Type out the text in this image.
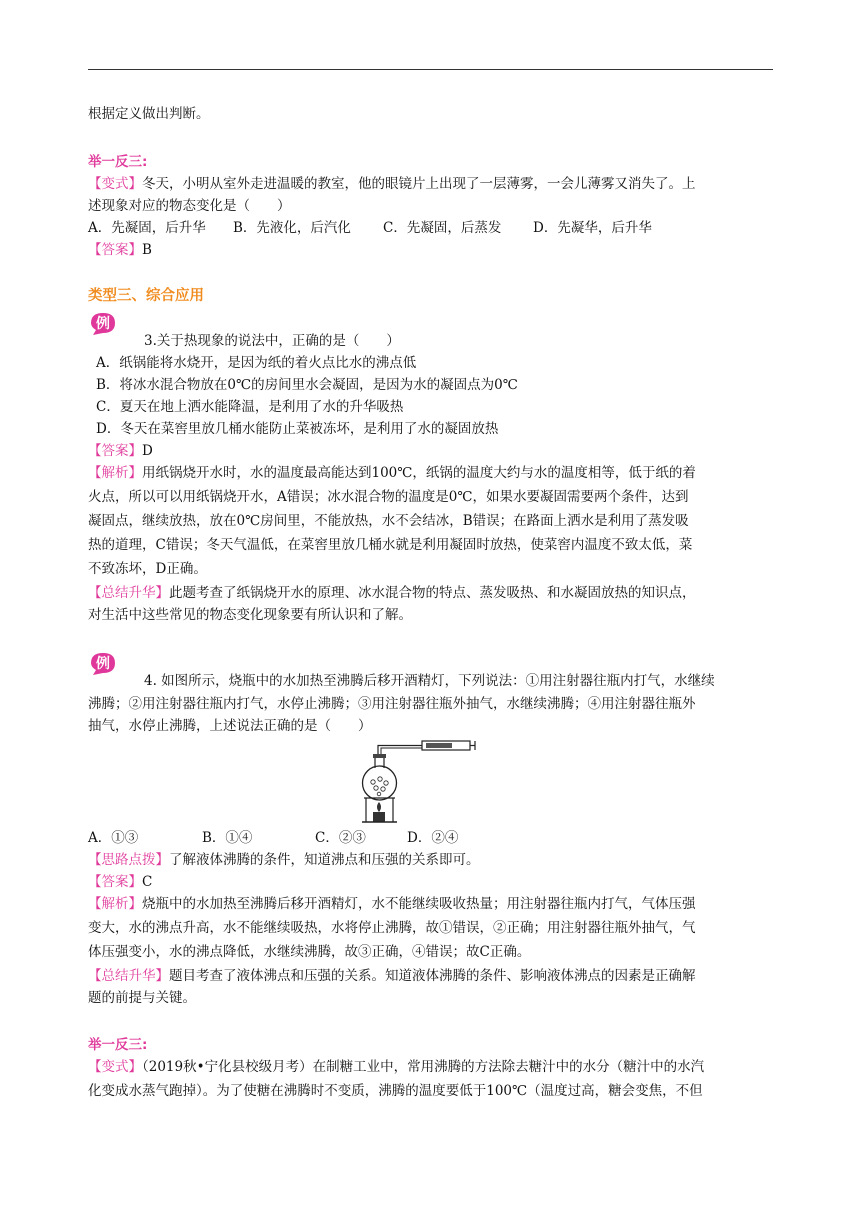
根据定义做出判断。
举一反三:
【变式】冬天，小明从室外走进温暖的教室，他的眼镜片上出现了一层薄雾，一会儿薄雾又消失了。上
述现象对应的物态变化是（　　）
A．先凝固，后升华 B．先液化，后汽化 C．先凝固，后蒸发 D．先凝华，后升华
【答案】B
类型三、综合应用
例
3.关于热现象的说法中，正确的是（　　）
A．纸锅能将水烧开，是因为纸的着火点比水的沸点低
B．将冰水混合物放在0℃的房间里水会凝固，是因为水的凝固点为0℃
C．夏天在地上洒水能降温，是利用了水的升华吸热
D．冬天在菜窖里放几桶水能防止菜被冻坏，是利用了水的凝固放热
【答案】D
【解析】用纸锅烧开水时，水的温度最高能达到100℃，纸锅的温度大约与水的温度相等，低于纸的着
火点，所以可以用纸锅烧开水，A错误；冰水混合物的温度是0℃，如果水要凝固需要两个条件，达到
凝固点，继续放热，放在0℃房间里，不能放热，水不会结冰，B错误；在路面上洒水是利用了蒸发吸
热的道理，C错误；冬天气温低，在菜窖里放几桶水就是利用凝固时放热，使菜窖内温度不致太低，菜
不致冻坏，D正确。
【总结升华】此题考查了纸锅烧开水的原理、冰水混合物的特点、蒸发吸热、和水凝固放热的知识点，
对生活中这些常见的物态变化现象要有所认识和了解。
例
4. 如图所示，烧瓶中的水加热至沸腾后移开酒精灯，下列说法：①用注射器往瓶内打气，水继续
沸腾；②用注射器往瓶内打气，水停止沸腾；③用注射器往瓶外抽气，水继续沸腾；④用注射器往瓶外
抽气，水停止沸腾，上述说法正确的是（　　）
A．①③	B．①④	C．②③	D．②④
【思路点拨】了解液体沸腾的条件，知道沸点和压强的关系即可。
【答案】C
【解析】烧瓶中的水加热至沸腾后移开酒精灯，水不能继续吸收热量；用注射器往瓶内打气，气体压强
变大，水的沸点升高，水不能继续吸热，水将停止沸腾，故①错误，②正确；用注射器往瓶外抽气，气
体压强变小，水的沸点降低，水继续沸腾，故③正确，④错误；故C正确。
【总结升华】题目考查了液体沸点和压强的关系。知道液体沸腾的条件、影响液体沸点的因素是正确解
题的前提与关键。
举一反三:
【变式】（2019秋•宁化县校级月考）在制糖工业中，常用沸腾的方法除去糖汁中的水分（糖汁中的水汽
化变成水蒸气跑掉）。为了使糖在沸腾时不变质，沸腾的温度要低于100℃（温度过高，糖会变焦，不但
